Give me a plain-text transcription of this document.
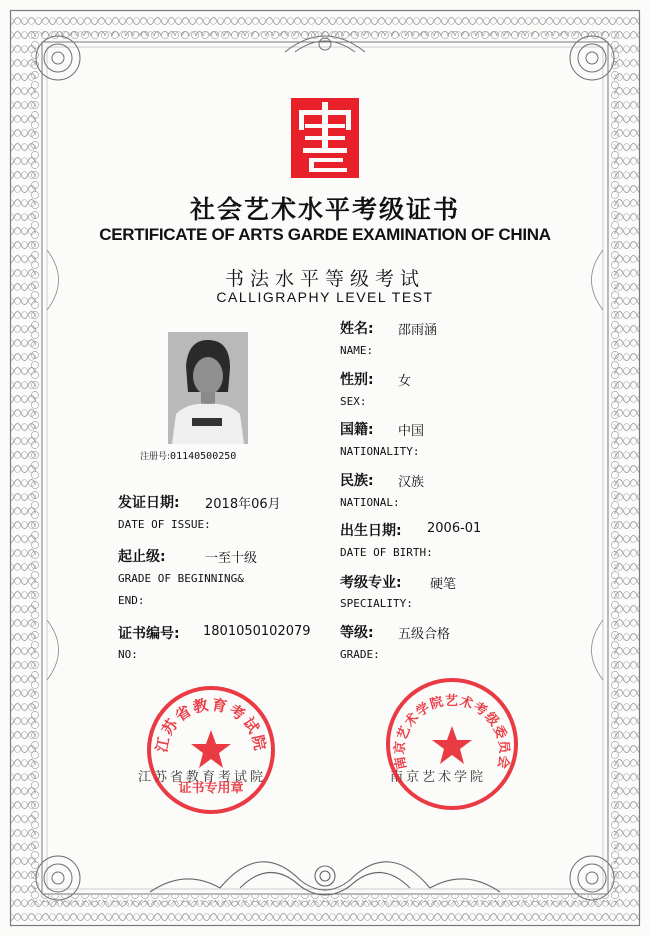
社会艺术水平考级证书
CERTIFICATE OF ARTS GARDE EXAMINATION OF CHINA
书法水平等级考试
CALLIGRAPHY LEVEL TEST
注册号:01140500250
发证日期: 2018年06月
DATE OF ISSUE:
起止级:	一至十级
GRADE OF BEGINNING&
END:
证书编号: 1801050102079
NO:
姓名: 邵雨涵
NAME:
性别: 女
SEX:
国籍: 中国
NATIONALITY:
民族: 汉族
NATIONAL:
出生日期: 2006-01
DATE OF BIRTH:
考级专业: 硬笔
SPECIALITY:
等级: 五级合格
GRADE:
江苏省教育考试院	南京艺术学院
江苏省教育考试院
证书专用章
南京艺术学院艺术考级委员会
